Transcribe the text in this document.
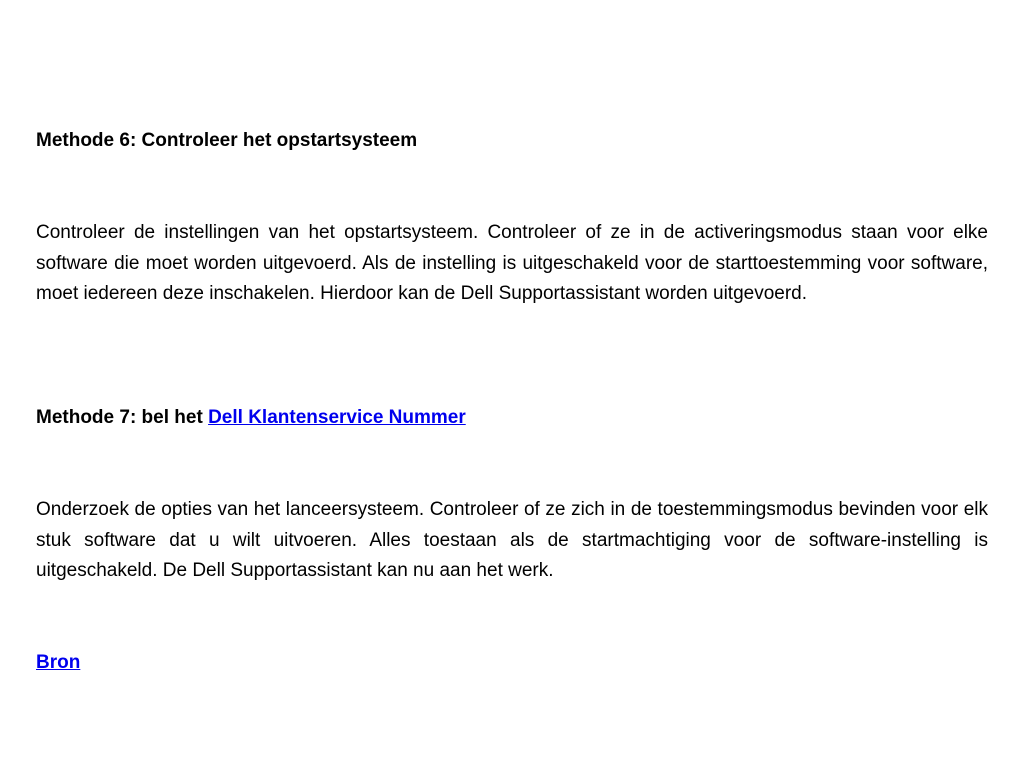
Methode 6: Controleer het opstartsysteem
Controleer de instellingen van het opstartsysteem. Controleer of ze in de activeringsmodus staan voor elke software die moet worden uitgevoerd. Als de instelling is uitgeschakeld voor de starttoestemming voor software, moet iedereen deze inschakelen. Hierdoor kan de Dell Supportassistant worden uitgevoerd.
Methode 7: bel het Dell Klantenservice Nummer
Onderzoek de opties van het lanceersysteem. Controleer of ze zich in de toestemmingsmodus bevinden voor elk stuk software dat u wilt uitvoeren. Alles toestaan als de startmachtiging voor de software-instelling is uitgeschakeld. De Dell Supportassistant kan nu aan het werk.
Bron
